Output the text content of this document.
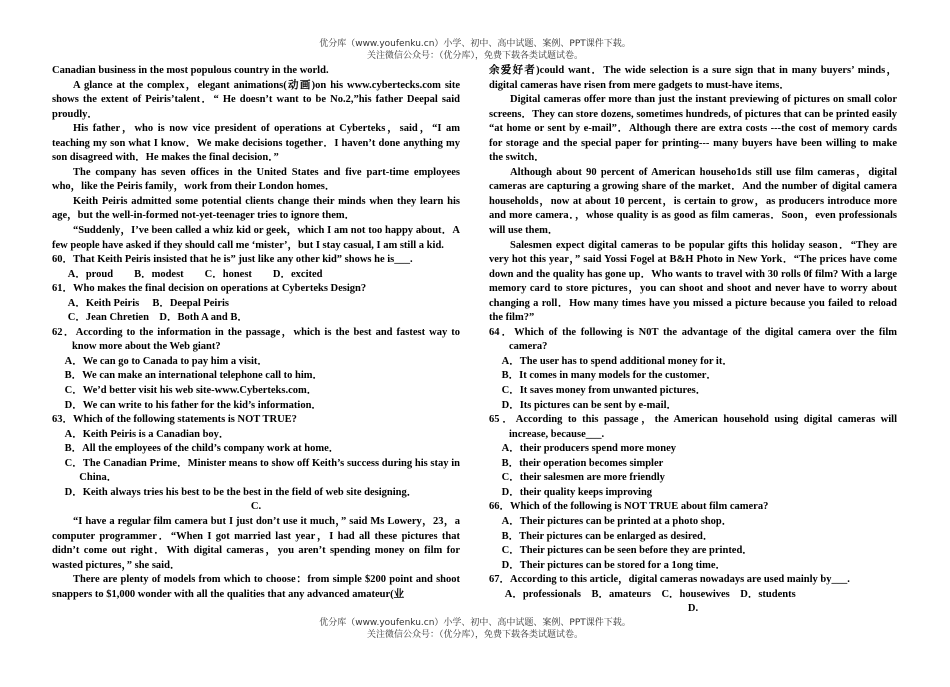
优分库（www.youfenku.cn）小学、初中、高中试题、案例、PPT课件下载。
关注微信公众号：（优分库），免费下载各类试题试卷。

Canadian business in the most populous country in the world.

A glance at the complex，elegant animations(动画)on his www.cybertecks.com site shows the extent of Peiris’talent．“ He doesn’t want to be No.2,”his father Deepal said proudly．

His father，who is now vice president of operations at Cyberteks，said，“I am teaching my son what I know．We make decisions together．I haven’t done anything my son disagreed with．He makes the final decision．”

The company has seven offices in the United States and five part-time employees who，like the Peiris family，work from their London homes．

Keith Peiris admitted some potential clients change their minds when they learn his age，but the well-in-formed not-yet-teenager tries to ignore them．

“Suddenly，I’ve been called a whiz kid or geek，which I am not too happy about．A few people have asked if they should call me ‘mister’，but I stay casual, I am still a kid.

60．That Keith Peiris insisted that he is” just like any other kid” shows he is___.

A．proud　　B．modest　　C．honest　　D．excited

61．Who makes the final decision on operations at Cyberteks Design?

A．Keith Peiris　 B．Deepal Peiris

C．Jean Chretien　D．Both A and B．

62．According to the information in the passage，which is the best and fastest way to know more about the Web giant?

A．We can go to Canada to pay him a visit．

B．We can make an international telephone call to him．

C．We’d better visit his web site-www.Cyberteks.com．

D．We can write to his father for the kid’s information．

63．Which of the following statements is NOT TRUE?

A．Keith Peiris is a Canadian boy．

B．All the employees of the child’s company work at home．

C．The Canadian Prime．Minister means to show off Keith’s success during his stay in China．

D．Keith always tries his best to be the best in the field of web site designing．

C.

“I have a regular film camera but I just don’t use it much，” said Ms Lowery，23，a computer programmer．“When I got married last year，I had all these pictures that didn’t come out right．With digital cameras，you aren’t spending money on film for wasted pictures，” she said．

There are plenty of models from which to choose：from simple $200 point and shoot snappers to $1,000 wonder with all the qualities that any advanced amateur(业

余爱好者)could want．The wide selection is a sure sign that in many buyers’ minds，digital cameras have risen from mere gadgets to must-have items．

Digital cameras offer more than just the instant previewing of pictures on small color screens．They can store dozens, sometimes hundreds, of pictures that can be printed easily “at home or sent by e-mail”．Although there are extra costs ---the cost of memory cards for storage and the special paper for printing--- many buyers have been willing to make the switch．

Although about 90 percent of American househo1ds still use film cameras，digital cameras are capturing a growing share of the market．And the number of digital camera households，now at about 10 percent，is certain to grow，as producers introduce more and more camera．，whose quality is as good as film cameras．Soon，even professionals will use them．

Salesmen expect digital cameras to be popular gifts this holiday season．“They are very hot this year，” said Yossi Fogel at B&H Photo in New York．“The prices have come down and the quality has gone up．Who wants to travel with 30 rolls 0f film? With a large memory card to store pictures，you can shoot and shoot and never have to worry about changing a roll．How many times have you missed a picture because you failed to reload the film?”

64．Which of the following is N0T the advantage of the digital camera over the film camera?

A．The user has to spend additional money for it．

B．It comes in many models for the customer．

C．It saves money from unwanted pictures．

D．Its pictures can be sent by e-mail．

65．According to this passage，the American household using digital cameras will increase, because___.

A．their producers spend more money

B．their operation becomes simpler

C．their salesmen are more friendly

D．their quality keeps improving

66．Which of the following is NOT TRUE about film camera?

A．Their pictures can be printed at a photo shop．

B．Their pictures can be enlarged as desired．

C．Their pictures can be seen before they are printed．

D．Their pictures can be stored for a 1ong time．

67．According to this article，digital cameras nowadays are used mainly by___.

A．professionals　B．amateurs　C．housewives　D．students

D.

优分库（www.youfenku.cn）小学、初中、高中试题、案例、PPT课件下载。
关注微信公众号：（优分库），免费下载各类试题试卷。
